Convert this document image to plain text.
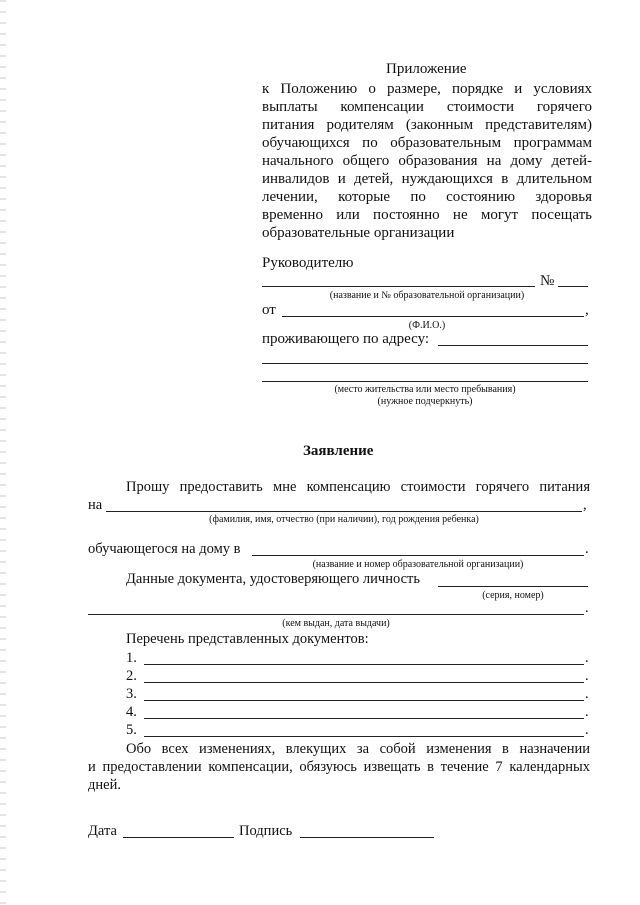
Приложение
к Положению о размере, порядке и условиях
выплаты компенсации стоимости горячего
питания родителям (законным представителям)
обучающихся по образовательным программам
начального общего образования на дому детей-
инвалидов и детей, нуждающихся в длительном
лечении, которые по состоянию здоровья
временно или постоянно не могут посещать
образовательные организации
Руководителю
№
(название и № образовательной организации)
от	,
(Ф.И.О.)
проживающего по адресу:
(место жительства или место пребывания)
(нужное подчеркнуть)
Заявление
Прошу предоставить мне компенсацию стоимости горячего питания
на	,
(фамилия, имя, отчество (при наличии), год рождения ребенка)
обучающегося на дому в	.
(название и номер образовательной организации)
Данные документа, удостоверяющего личность
(серия, номер)
.
(кем выдан, дата выдачи)
Перечень представленных документов:
1.	.
2.	.
3.	.
4.	.
5.	.
Обо всех изменениях, влекущих за собой изменения в назначении
и предоставлении компенсации, обязуюсь извещать в течение 7 календарных
дней.
Дата	Подпись
